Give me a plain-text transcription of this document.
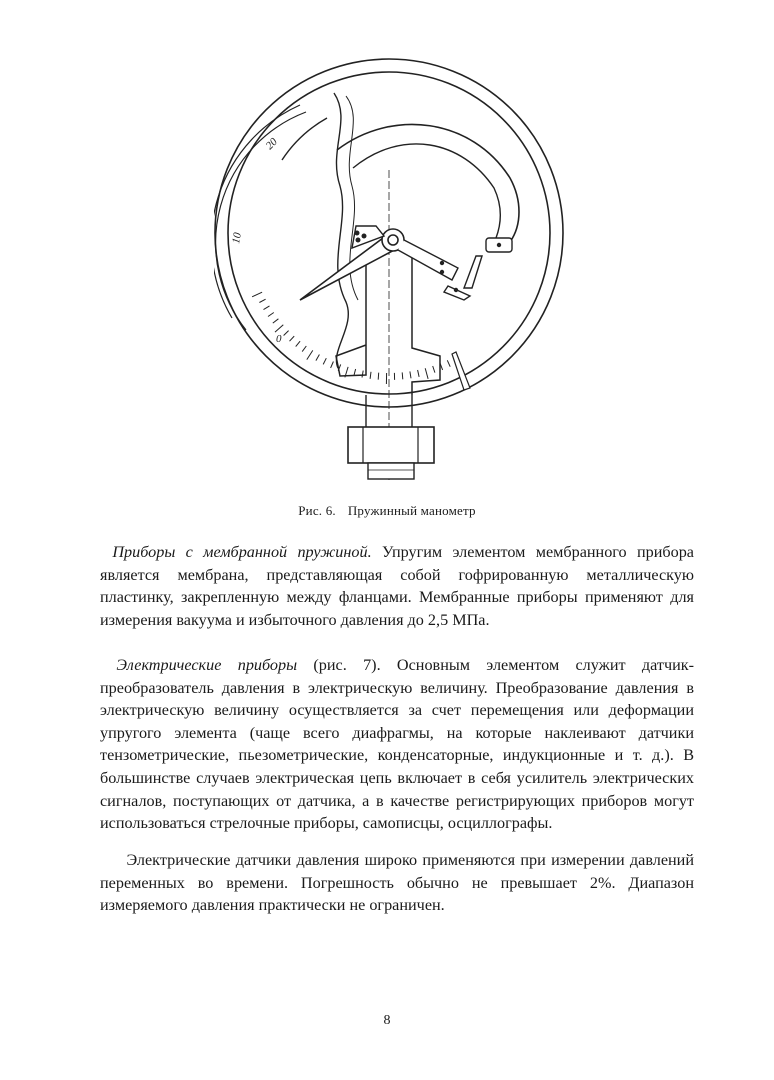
20
10
0
Рис. 6. Пружинный манометр
Приборы с мембранной пружиной. Упругим элементом мембранного прибора является мембрана, представляющая собой гофрированную металлическую пластинку, закрепленную между фланцами. Мембранные приборы применяют для измерения вакуума и избыточного давления до 2,5 МПа.
Электрические приборы (рис. 7). Основным элементом служит датчик-преобразователь давления в электрическую величину. Преобразование давления в электрическую величину осуществляется за счет перемещения или деформации упругого элемента (чаще всего диафрагмы, на которые наклеивают датчики тензометрические, пьезометрические, конденсаторные, индукционные и т. д.). В большинстве случаев электрическая цепь включает в себя усилитель электрических сигналов, поступающих от датчика, а в качестве регистрирующих приборов могут использоваться стрелочные приборы, самописцы, осциллографы.
Электрические датчики давления широко применяются при измерении давлений переменных во времени. Погрешность обычно не превышает 2%. Диапазон измеряемого давления практически не ограничен.
8
